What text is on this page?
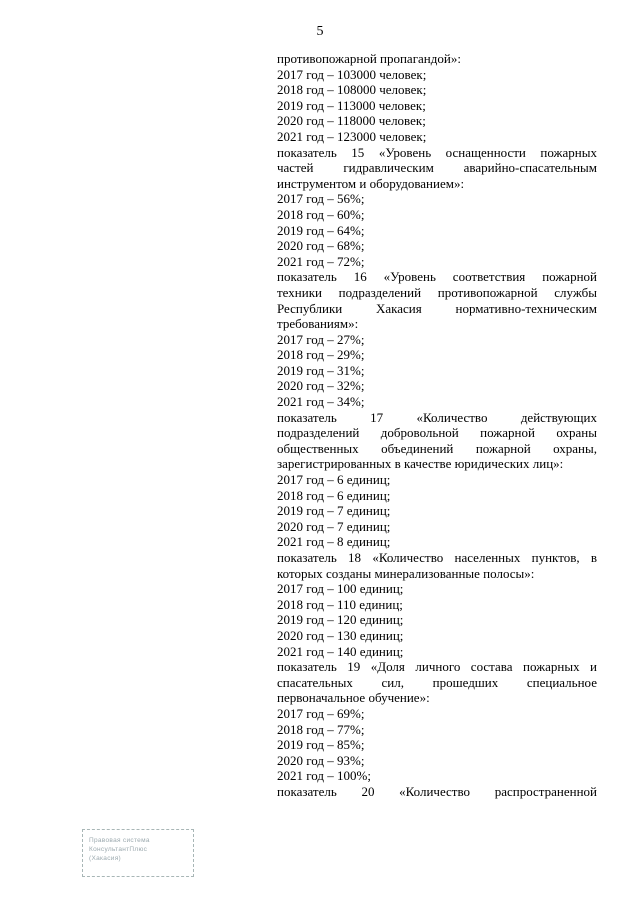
5
противопожарной пропагандой»:
2017 год – 103000 человек;
2018 год – 108000 человек;
2019 год – 113000 человек;
2020 год – 118000 человек;
2021 год – 123000 человек;
показатель 15 «Уровень оснащенности пожарных
частей гидравлическим аварийно-спасательным
инструментом и оборудованием»:
2017 год – 56%;
2018 год – 60%;
2019 год – 64%;
2020 год – 68%;
2021 год – 72%;
показатель 16 «Уровень соответствия пожарной
техники подразделений противопожарной службы
Республики Хакасия нормативно-техническим
требованиям»:
2017 год – 27%;
2018 год – 29%;
2019 год – 31%;
2020 год – 32%;
2021 год – 34%;
показатель 17 «Количество действующих
подразделений добровольной пожарной охраны
общественных объединений пожарной охраны,
зарегистрированных в качестве юридических лиц»:
2017 год – 6 единиц;
2018 год – 6 единиц;
2019 год – 7 единиц;
2020 год – 7 единиц;
2021 год – 8 единиц;
показатель 18 «Количество населенных пунктов, в
которых созданы минерализованные полосы»:
2017 год – 100 единиц;
2018 год – 110 единиц;
2019 год – 120 единиц;
2020 год – 130 единиц;
2021 год – 140 единиц;
показатель 19 «Доля личного состава пожарных и
спасательных сил, прошедших специальное
первоначальное обучение»:
2017 год – 69%;
2018 год – 77%;
2019 год – 85%;
2020 год – 93%;
2021 год – 100%;
показатель 20 «Количество распространенной
Правовая система
КонсультантПлюс
(Хакасия)
